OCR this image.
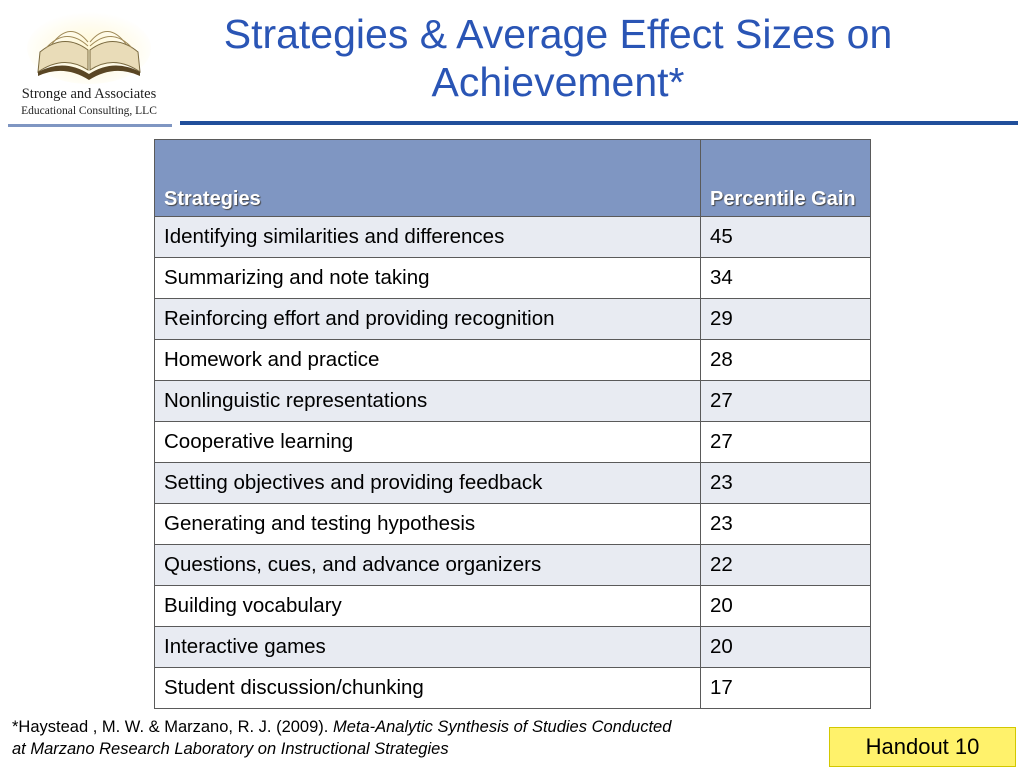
Stronge and Associates
Educational Consulting, LLC
Strategies & Average Effect Sizes on
Achievement*
Strategies	Percentile Gain
Identifying similarities and differences	45
Summarizing and note taking	34
Reinforcing effort and providing recognition	29
Homework and practice	28
Nonlinguistic representations	27
Cooperative learning	27
Setting objectives and providing feedback	23
Generating and testing hypothesis	23
Questions, cues, and advance organizers	22
Building vocabulary	20
Interactive games	20
Student discussion/chunking	17
*Haystead , M. W. & Marzano, R. J. (2009). Meta-Analytic Synthesis of Studies Conducted
at Marzano Research Laboratory on Instructional Strategies	Handout 10
